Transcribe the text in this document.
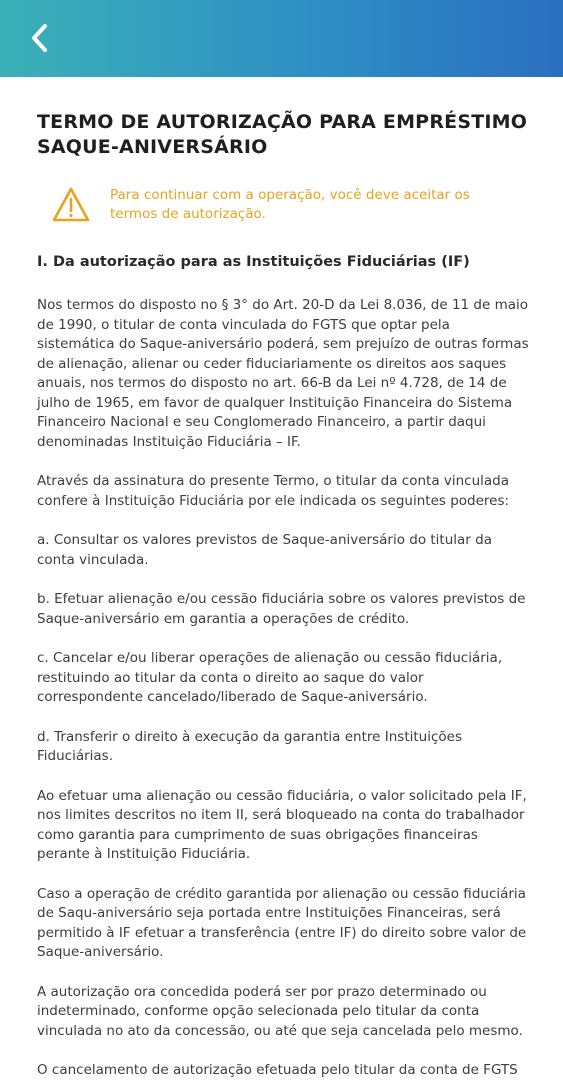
TERMO DE AUTORIZAÇÃO PARA EMPRÉSTIMO SAQUE-ANIVERSÁRIO
Para continuar com a operação, você deve aceitar os termos de autorização.
I. Da autorização para as Instituições Fiduciárias (IF)

Nos termos do disposto no § 3° do Art. 20-D da Lei 8.036, de 11 de maio de 1990, o titular de conta vinculada do FGTS que optar pela sistemática do Saque-aniversário poderá, sem prejuízo de outras formas de alienação, alienar ou ceder fiduciariamente os direitos aos saques anuais, nos termos do disposto no art. 66-B da Lei nº 4.728, de 14 de julho de 1965, em favor de qualquer Instituição Financeira do Sistema Financeiro Nacional e seu Conglomerado Financeiro, a partir daqui denominadas Instituição Fiduciária – IF.

Através da assinatura do presente Termo, o titular da conta vinculada confere à Instituição Fiduciária por ele indicada os seguintes poderes:

a. Consultar os valores previstos de Saque-aniversário do titular da conta vinculada.

b. Efetuar alienação e/ou cessão fiduciária sobre os valores previstos de Saque-aniversário em garantia a operações de crédito.

c. Cancelar e/ou liberar operações de alienação ou cessão fiduciária, restituindo ao titular da conta o direito ao saque do valor correspondente cancelado/liberado de Saque-aniversário.

d. Transferir o direito à execução da garantia entre Instituições Fiduciárias.

Ao efetuar uma alienação ou cessão fiduciária, o valor solicitado pela IF, nos limites descritos no item II, será bloqueado na conta do trabalhador como garantia para cumprimento de suas obrigações financeiras perante à Instituição Fiduciária.

Caso a operação de crédito garantida por alienação ou cessão fiduciária de Saqu-aniversário seja portada entre Instituições Financeiras, será permitido à IF efetuar a transferência (entre IF) do direito sobre valor de Saque-aniversário.

A autorização ora concedida poderá ser por prazo determinado ou indeterminado, conforme opção selecionada pelo titular da conta vinculada no ato da concessão, ou até que seja cancelada pelo mesmo.

O cancelamento de autorização efetuada pelo titular da conta de FGTS
